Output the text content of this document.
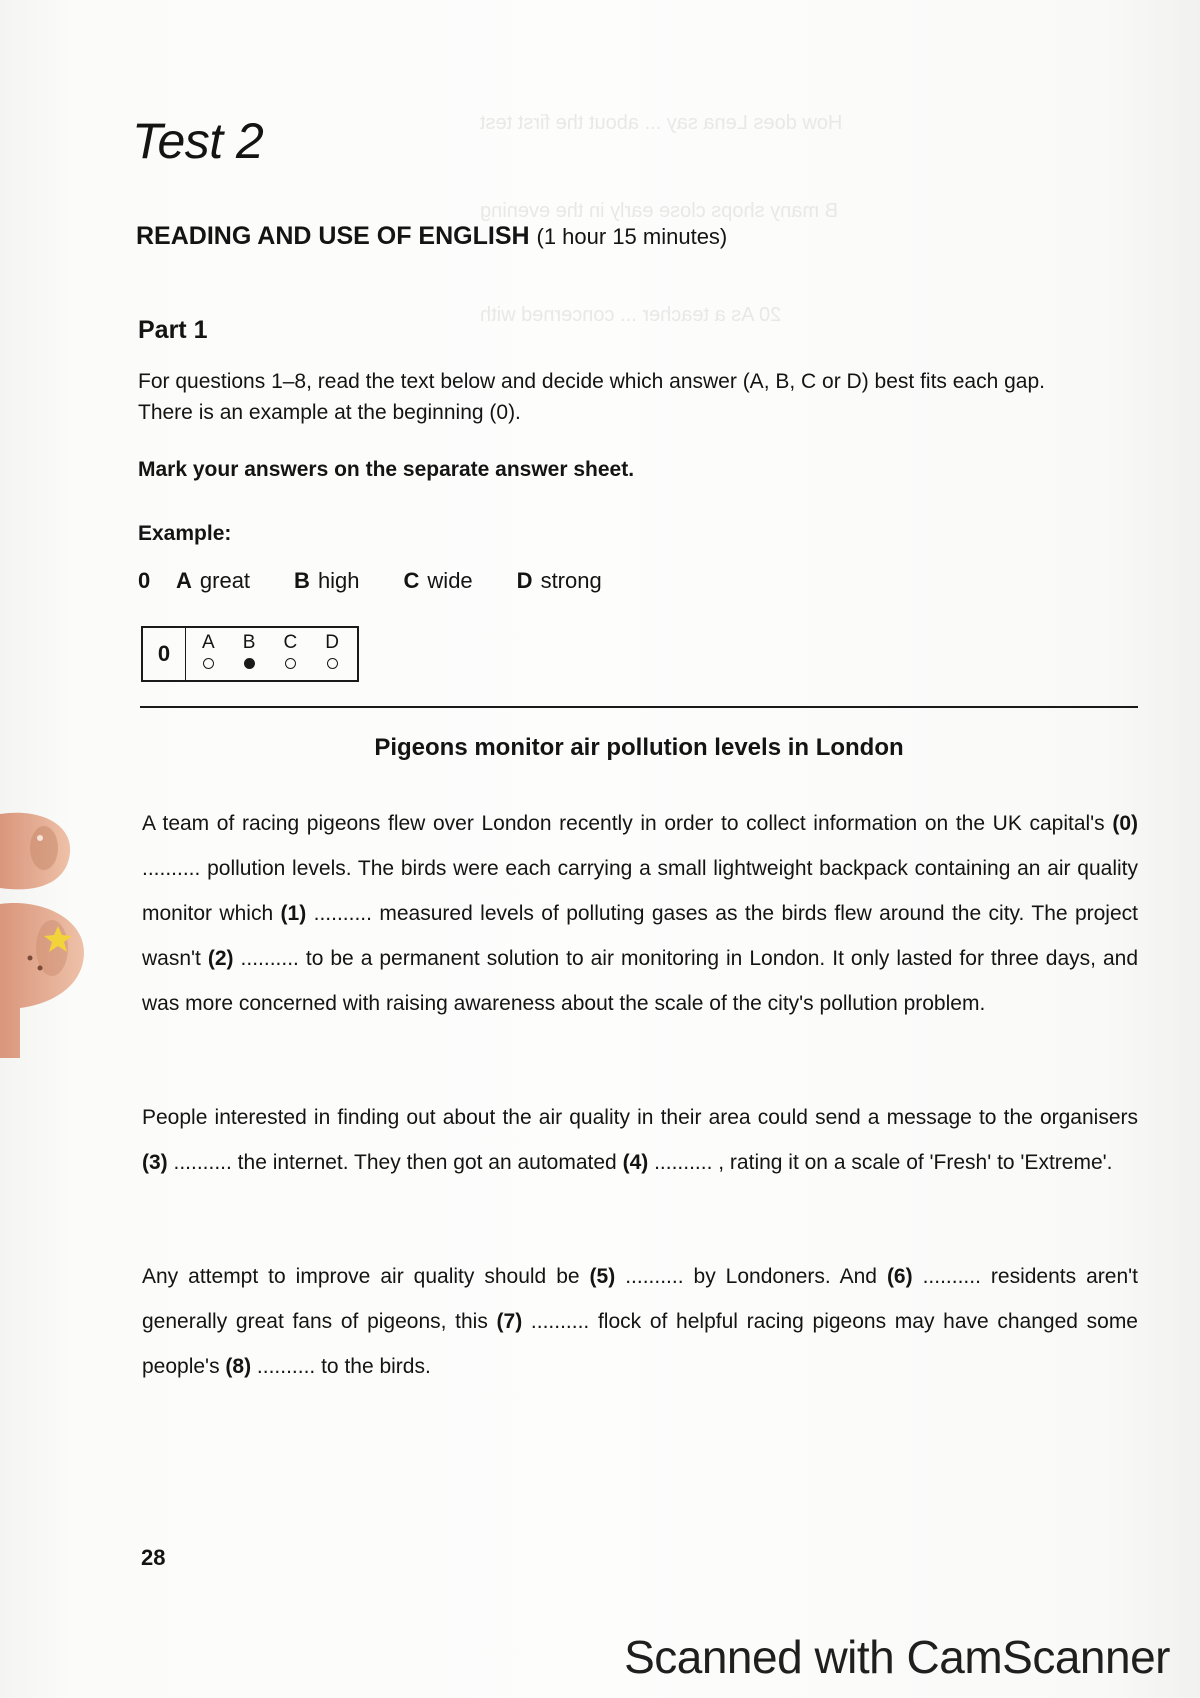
How does Lena say ... about the first test
B many shops close early in the evening
20 As a teacher ... concerned with
Test 2
READING AND USE OF ENGLISH (1 hour 15 minutes)
Part 1

For questions 1–8, read the text below and decide which answer (A, B, C or D) best fits each gap.
There is an example at the beginning (0).

Mark your answers on the separate answer sheet.
Example:
0	A great B high C wide D strong
0	A B C D
Pigeons monitor air pollution levels in London

A team of racing pigeons flew over London recently in order to collect information on the UK capital's (0) .......... pollution levels. The birds were each carrying a small lightweight backpack containing an air quality monitor which (1) .......... measured levels of polluting gases as the birds flew around the city. The project wasn't (2) .......... to be a permanent solution to air monitoring in London. It only lasted for three days, and was more concerned with raising awareness about the scale of the city's pollution problem.

People interested in finding out about the air quality in their area could send a message to the organisers (3) .......... the internet. They then got an automated (4) .......... , rating it on a scale of 'Fresh' to 'Extreme'.

Any attempt to improve air quality should be (5) .......... by Londoners. And (6) .......... residents aren't generally great fans of pigeons, this (7) .......... flock of helpful racing pigeons may have changed some people's (8) .......... to the birds.

28
Scanned with CamScanner
